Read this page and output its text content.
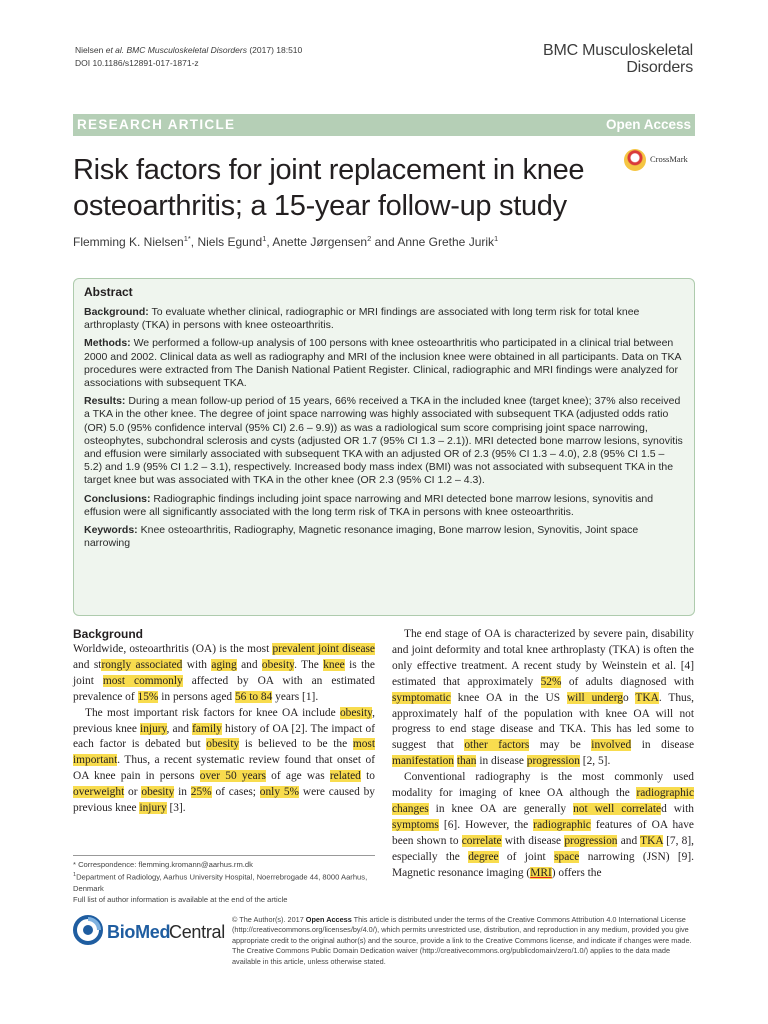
Nielsen et al. BMC Musculoskeletal Disorders (2017) 18:510
DOI 10.1186/s12891-017-1871-z
BMC Musculoskeletal
Disorders
RESEARCH ARTICLE	Open Access
Risk factors for joint replacement in knee osteoarthritis; a 15-year follow-up study
CrossMark
Flemming K. Nielsen$^{1*}$, Niels Egund$^1$, Anette Jørgensen$^2$ and Anne Grethe Jurik$^1$
Abstract

Background: To evaluate whether clinical, radiographic or MRI findings are associated with long term risk for total knee arthroplasty (TKA) in persons with knee osteoarthritis.

Methods: We performed a follow-up analysis of 100 persons with knee osteoarthritis who participated in a clinical trial between 2000 and 2002. Clinical data as well as radiography and MRI of the inclusion knee were obtained in all participants. Data on TKA procedures were extracted from The Danish National Patient Register. Clinical, radiographic and MRI findings were analyzed for associations with subsequent TKA.

Results: During a mean follow-up period of 15 years, 66% received a TKA in the included knee (target knee); 37% also received a TKA in the other knee. The degree of joint space narrowing was highly associated with subsequent TKA (adjusted odds ratio (OR) 5.0 (95% confidence interval (95% CI) 2.6 – 9.9)) as was a radiological sum score comprising joint space narrowing, osteophytes, subchondral sclerosis and cysts (adjusted OR 1.7 (95% CI 1.3 – 2.1)). MRI detected bone marrow lesions, synovitis and effusion were similarly associated with subsequent TKA with an adjusted OR of 2.3 (95% CI 1.3 – 4.0), 2.8 (95% CI 1.5 – 5.2) and 1.9 (95% CI 1.2 – 3.1), respectively. Increased body mass index (BMI) was not associated with subsequent TKA in the target knee but was associated with TKA in the other knee (OR 2.3 (95% CI 1.2 – 4.3).

Conclusions: Radiographic findings including joint space narrowing and MRI detected bone marrow lesions, synovitis and effusion were all significantly associated with the long term risk of TKA in persons with knee osteoarthritis.

Keywords: Knee osteoarthritis, Radiography, Magnetic resonance imaging, Bone marrow lesion, Synovitis, Joint space narrowing

Background

Worldwide, osteoarthritis (OA) is the most prevalent joint disease and strongly associated with aging and obesity. The knee is the joint most commonly affected by OA with an estimated prevalence of 15% in persons aged 56 to 84 years [1].

The most important risk factors for knee OA include obesity, previous knee injury, and family history of OA [2]. The impact of each factor is debated but obesity is believed to be the most important. Thus, a recent systematic review found that onset of OA knee pain in persons over 50 years of age was related to overweight or obesity in 25% of cases; only 5% were caused by previous knee injury [3].

The end stage of OA is characterized by severe pain, disability and joint deformity and total knee arthroplasty (TKA) is often the only effective treatment. A recent study by Weinstein et al. [4] estimated that approximately 52% of adults diagnosed with symptomatic knee OA in the US will undergo TKA. Thus, approximately half of the population with knee OA will not progress to end stage disease and TKA. This has led some to suggest that other factors may be involved in disease manifestation than in disease progression [2, 5].

Conventional radiography is the most commonly used modality for imaging of knee OA although the radiographic changes in knee OA are generally not well correlated with symptoms [6]. However, the radiographic features of OA have been shown to correlate with disease progression and TKA [7, 8], especially the degree of joint space narrowing (JSN) [9]. Magnetic resonance imaging (MRI) offers the

* Correspondence: flemming.kromann@aarhus.rm.dk

$^1$Department of Radiology, Aarhus University Hospital, Noerrebrogade 44, 8000 Aarhus, Denmark

Full list of author information is available at the end of the article

BioMed
Central
© The Author(s). 2017 Open Access This article is distributed under the terms of the Creative Commons Attribution 4.0 International License (http://creativecommons.org/licenses/by/4.0/), which permits unrestricted use, distribution, and reproduction in any medium, provided you give appropriate credit to the original author(s) and the source, provide a link to the Creative Commons license, and indicate if changes were made. The Creative Commons Public Domain Dedication waiver (http://creativecommons.org/publicdomain/zero/1.0/) applies to the data made available in this article, unless otherwise stated.
